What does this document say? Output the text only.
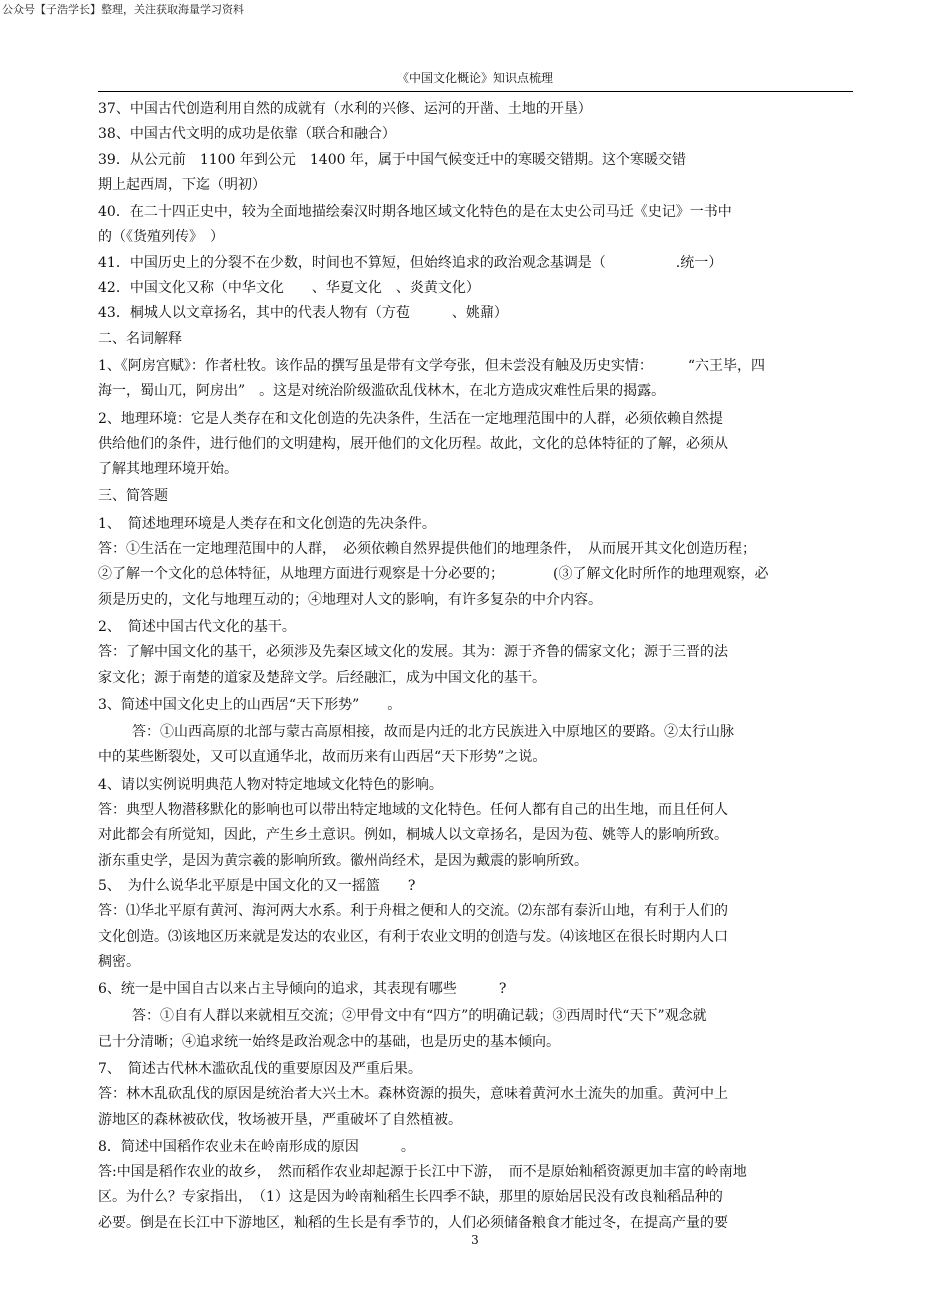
公众号【子浩学长】整理，关注获取海量学习资料
《中国文化概论》知识点梳理
37、中国古代创造利用自然的成就有（水利的兴修、运河的开凿、土地的开垦）
38、中国古代文明的成功是依靠（联合和融合）
39．从公元前　1100 年到公元　1400 年，属于中国气候变迁中的寒暖交错期。这个寒暖交错
期上起西周，下迄（明初）
40．在二十四正史中，较为全面地描绘秦汉时期各地区域文化特色的是在太史公司马迁《史记》一书中
的（《货殖列传》　）
41．中国历史上的分裂不在少数，时间也不算短，但始终追求的政治观念基调是（　　　　　.统一）
42．中国文化又称（中华文化　　、华夏文化　、炎黄文化）
43．桐城人以文章扬名，其中的代表人物有（方苞　　　、姚鼐）
二、名词解释
1、《阿房宫赋》：作者杜牧。该作品的撰写虽是带有文学夸张，但未尝没有触及历史实情：　　　“六王毕，四
海一，蜀山兀，阿房出”　。这是对统治阶级滥砍乱伐林木，在北方造成灾难性后果的揭露。
2、地理环境：它是人类存在和文化创造的先决条件，生活在一定地理范围中的人群，必须依赖自然提
供给他们的条件，进行他们的文明建构，展开他们的文化历程。故此，文化的总体特征的了解，必须从
了解其地理环境开始。
三、简答题
1、　简述地理环境是人类存在和文化创造的先决条件。
答：①生活在一定地理范围中的人群，　必须依赖自然界提供他们的地理条件，　从而展开其文化创造历程；
②了解一个文化的总体特征，从地理方面进行观察是十分必要的；　　　　(③了解文化时所作的地理观察，必
须是历史的，文化与地理互动的；④地理对人文的影响，有许多复杂的中介内容。
2、　简述中国古代文化的基干。
答：了解中国文化的基干，必须涉及先秦区域文化的发展。其为：源于齐鲁的儒家文化；源于三晋的法
家文化；源于南楚的道家及楚辞文学。后经融汇，成为中国文化的基干。
3、简述中国文化史上的山西居“天下形势”　　。
答：①山西高原的北部与蒙古高原相接，故而是内迁的北方民族进入中原地区的要路。②太行山脉
中的某些断裂处，又可以直通华北，故而历来有山西居“天下形势”之说。
4、请以实例说明典范人物对特定地域文化特色的影响。
答：典型人物潜移默化的影响也可以带出特定地域的文化特色。任何人都有自己的出生地，而且任何人
对此都会有所觉知，因此，产生乡土意识。例如，桐城人以文章扬名，是因为苞、姚等人的影响所致。
浙东重史学，是因为黄宗羲的影响所致。徽州尚经术，是因为戴震的影响所致。
5、　为什么说华北平原是中国文化的又一摇篮　　?
答：⑴华北平原有黄河、海河两大水系。利于舟楫之便和人的交流。⑵东部有泰沂山地，有利于人们的
文化创造。⑶该地区历来就是发达的农业区，有利于农业文明的创造与发。⑷该地区在很长时期内人口
稠密。
6、统一是中国自古以来占主导倾向的追求，其表现有哪些　　　?
答：①自有人群以来就相互交流；②甲骨文中有“四方”的明确记载；③西周时代“天下”观念就
已十分清晰；④追求统一始终是政治观念中的基础，也是历史的基本倾向。
7、　简述古代林木滥砍乱伐的重要原因及严重后果。
答：林木乱砍乱伐的原因是统治者大兴土木。森林资源的损失，意味着黄河水土流失的加重。黄河中上
游地区的森林被砍伐，牧场被开垦，严重破坏了自然植被。
8．简述中国稻作农业未在岭南形成的原因　　　。
答:中国是稻作农业的故乡，　然而稻作农业却起源于长江中下游，　而不是原始籼稻资源更加丰富的岭南地
区。为什么？专家指出，　（1）这是因为岭南籼稻生长四季不缺，那里的原始居民没有改良籼稻品种的
必要。倒是在长江中下游地区，籼稻的生长是有季节的，人们必须储备粮食才能过冬，在提高产量的要
3
